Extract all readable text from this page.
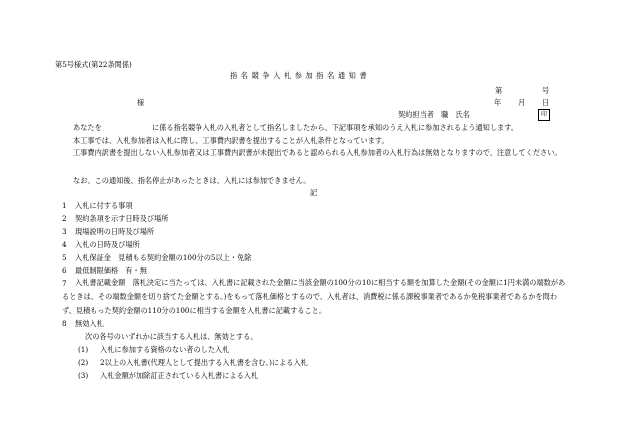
第5号様式(第22条関係)
指名競争入札参加指名通知書
第	号
様	年 月 日
契約担当者　職　氏名	印
あなたを	に係る指名競争入札の入札者として指名しましたから、下記事項を承知のうえ入札に参加されるよう通知します。
本工事では、入札参加者は入札に際し、工事費内訳書を提出することが入札条件となっています。
工事費内訳書を提出しない入札参加者又は工事費内訳書が未提出であると認められる入札参加者の入札行為は無効となりますので、注意してください。
なお、この通知後、指名停止があったときは、入札には参加できません。
記
1 入札に付する事項
2 契約条項を示す日時及び場所
3 現場説明の日時及び場所
4 入札の日時及び場所
5 入札保証金　見積もる契約金額の100分の5以上・免除
6 最低制限価格　有・無
7	入札書記載金額　落札決定に当たっては、入札書に記載された金額に当該金額の100分の10に相当する額を加算した金額(その金額に1円未満の端数があるときは、その端数金額を切り捨てた金額とする。)をもって落札価格とするので、入札者は、消費税に係る課税事業者であるか免税事業者であるかを問わず、見積もった契約金額の110分の100に相当する金額を入札書に記載すること。
8 無効入札
次の各号のいずれかに該当する入札は、無効とする。
(1) 入札に参加する資格のない者のした入札
(2) 2以上の入札書(代理人として提出する入札書を含む。)による入札
(3) 入札金額が加除訂正されている入札書による入札
